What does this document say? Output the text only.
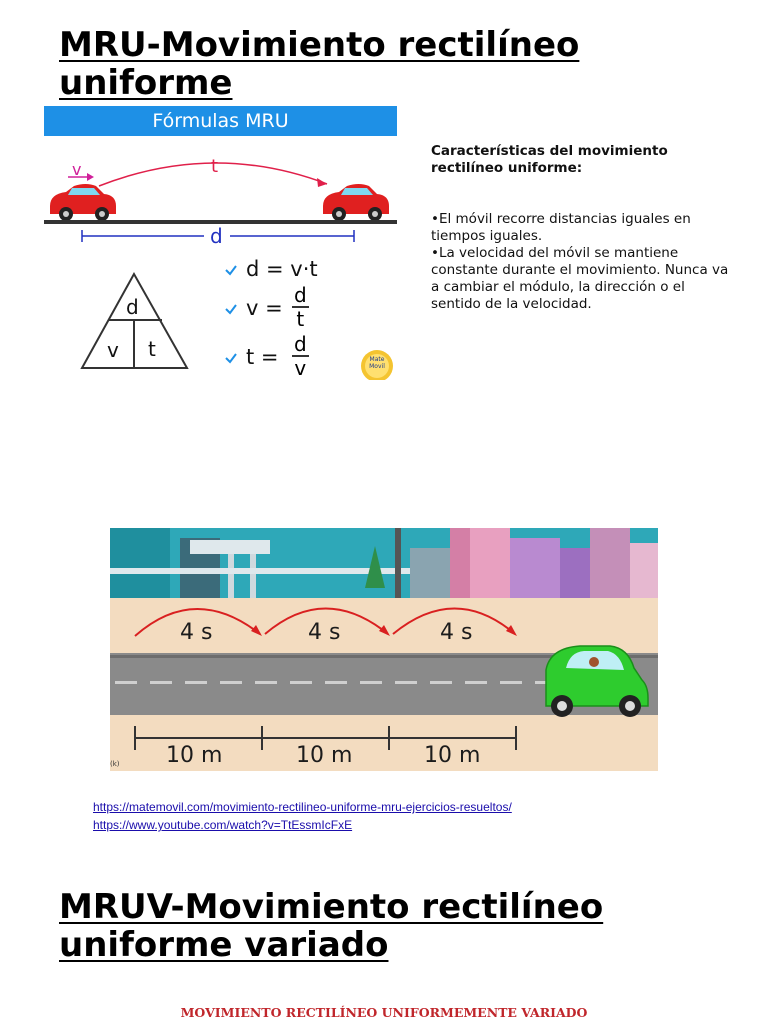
MRU-Movimiento rectilíneo uniforme
Fórmulas MRU
v	t
d
d
v t
d = v·t
$v = \frac{d}{t}$
$t = \frac{d}{v}$	Mate Movil

Características del movimiento rectilíneo uniforme:

•El móvil recorre distancias iguales en tiempos iguales.

•La velocidad del móvil se mantiene constante durante el movimiento. Nunca va a cambiar el módulo, la dirección o el sentido de la velocidad.

4 s	4 s	4 s
10 m	10 m	10 m
(k)
https://matemovil.com/movimiento-rectilineo-uniforme-mru-ejercicios-resueltos/
https://www.youtube.com/watch?v=TtEssmIcFxE
MRUV-Movimiento rectilíneo uniforme variado
MOVIMIENTO RECTILÍNEO UNIFORMEMENTE VARIADO
